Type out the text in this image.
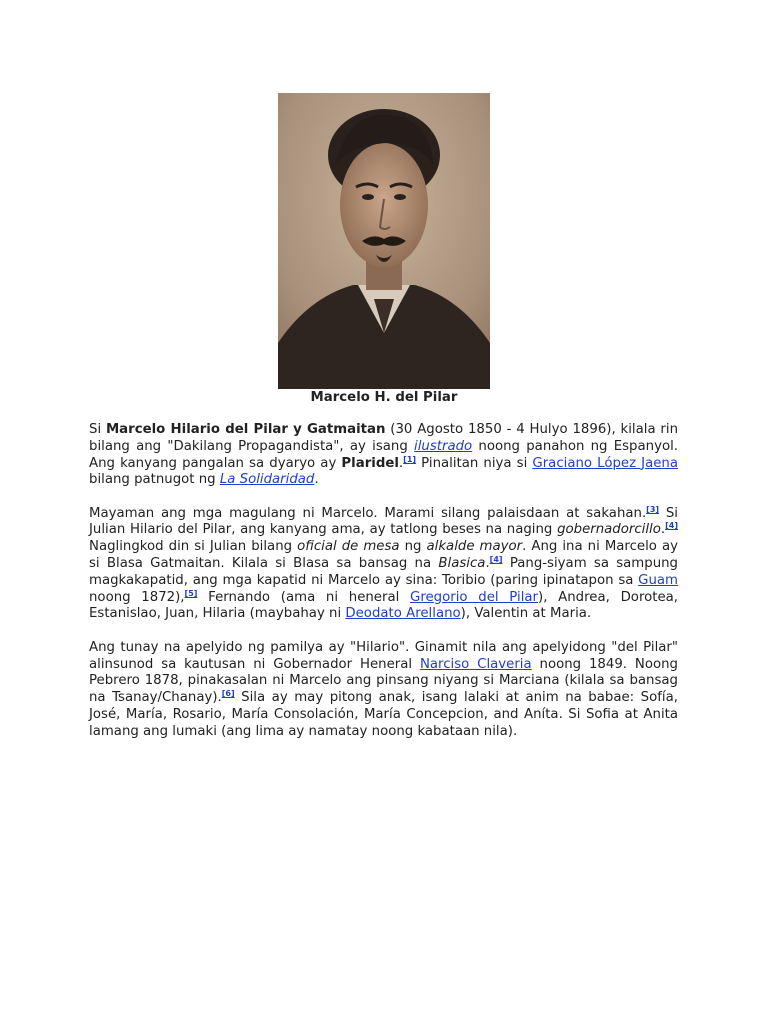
Marcelo H. del Pilar

Si Marcelo Hilario del Pilar y Gatmaitan (30 Agosto 1850 - 4 Hulyo 1896), kilala rin bilang ang "Dakilang Propagandista", ay isang ilustrado noong panahon ng Espanyol. Ang kanyang pangalan sa dyaryo ay Plaridel.[1] Pinalitan niya si Graciano López Jaena bilang patnugot ng La Solidaridad.

Mayaman ang mga magulang ni Marcelo. Marami silang palaisdaan at sakahan.[3] Si Julian Hilario del Pilar, ang kanyang ama, ay tatlong beses na naging gobernadorcillo.[4] Naglingkod din si Julian bilang oficial de mesa ng alkalde mayor. Ang ina ni Marcelo ay si Blasa Gatmaitan. Kilala si Blasa sa bansag na Blasica.[4] Pang-siyam sa sampung magkakapatid, ang mga kapatid ni Marcelo ay sina: Toribio (paring ipinatapon sa Guam noong 1872),[5] Fernando (ama ni heneral Gregorio del Pilar), Andrea, Dorotea, Estanislao, Juan, Hilaria (maybahay ni Deodato Arellano), Valentin at Maria.

Ang tunay na apelyido ng pamilya ay "Hilario". Ginamit nila ang apelyidong "del Pilar" alinsunod sa kautusan ni Gobernador Heneral Narciso Claveria noong 1849. Noong Pebrero 1878, pinakasalan ni Marcelo ang pinsang niyang si Marciana (kilala sa bansag na Tsanay/Chanay).[6] Sila ay may pitong anak, isang lalaki at anim na babae: Sofía, José, María, Rosario, María Consolación, María Concepcion, and Aníta. Si Sofia at Anita lamang ang lumaki (ang lima ay namatay noong kabataan nila).
